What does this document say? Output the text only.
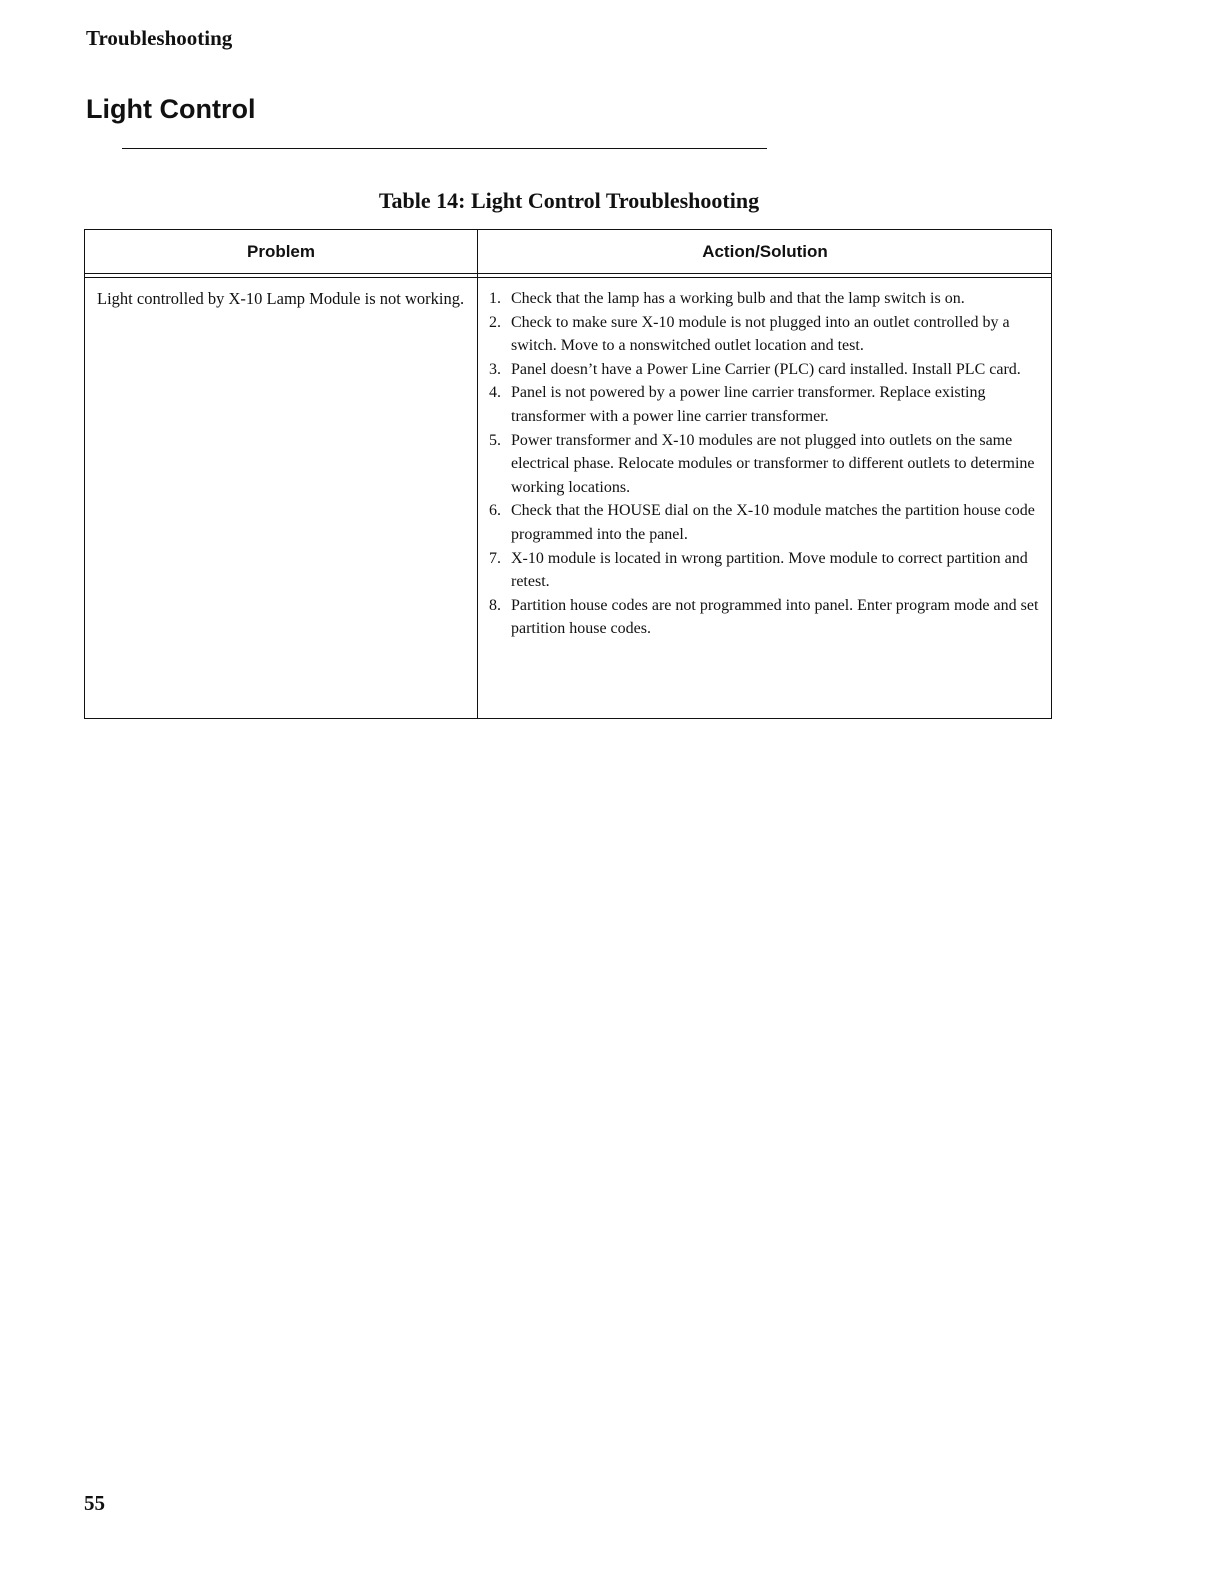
Troubleshooting
Light Control
Table 14: Light Control Troubleshooting
Problem	Action/Solution
Light controlled by X-10 Lamp Module is not working.	1. Check that the lamp has a working bulb and that the lamp switch is on.
2. Check to make sure X-10 module is not plugged into an outlet controlled by a switch. Move to a nonswitched outlet location and test.
3. Panel doesn’t have a Power Line Carrier (PLC) card installed. Install PLC card.
4. Panel is not powered by a power line carrier transformer. Replace existing transformer with a power line carrier transformer.
5. Power transformer and X-10 modules are not plugged into outlets on the same electrical phase. Relocate modules or transformer to different outlets to determine working locations.
6. Check that the HOUSE dial on the X-10 module matches the partition house code programmed into the panel.
7. X-10 module is located in wrong partition. Move module to correct partition and retest.
8. Partition house codes are not programmed into panel. Enter program mode and set partition house codes.
55
